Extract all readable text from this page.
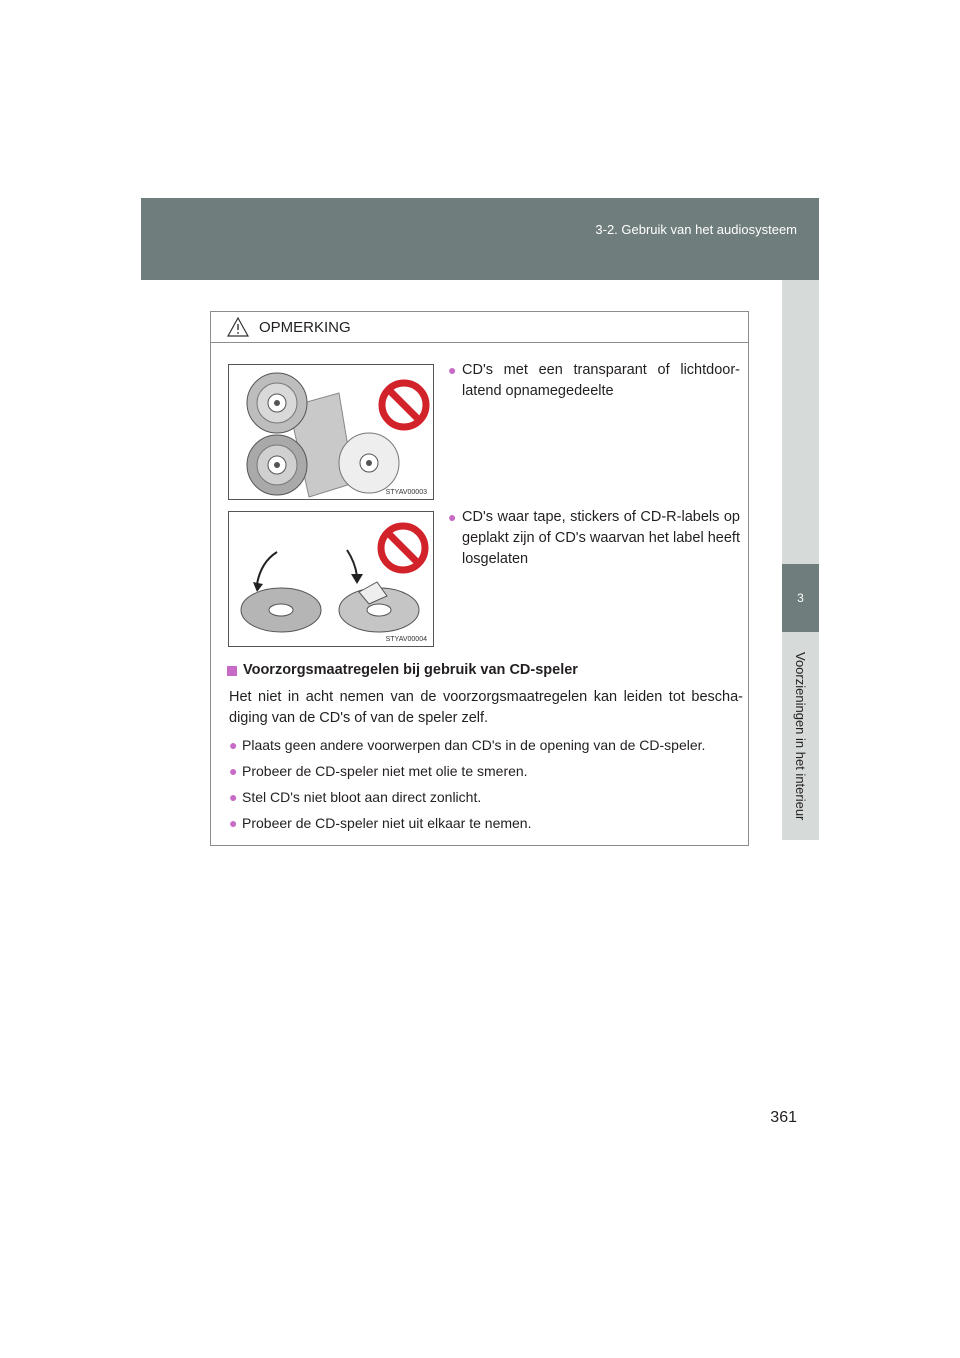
3-2. Gebruik van het audiosysteem
3
Voorzieningen in het interieur
OPMERKING
STYAV00003
● CD's met een transparant of lichtdoor-latend opnamegedeelte
STYAV00004
● CD's waar tape, stickers of CD-R-labels op geplakt zijn of CD's waarvan het label heeft losgelaten
Voorzorgsmaatregelen bij gebruik van CD-speler
Het niet in acht nemen van de voorzorgsmaatregelen kan leiden tot bescha-diging van de CD's of van de speler zelf.
● Plaats geen andere voorwerpen dan CD's in de opening van de CD-speler.
● Probeer de CD-speler niet met olie te smeren.
● Stel CD's niet bloot aan direct zonlicht.
● Probeer de CD-speler niet uit elkaar te nemen.
361
